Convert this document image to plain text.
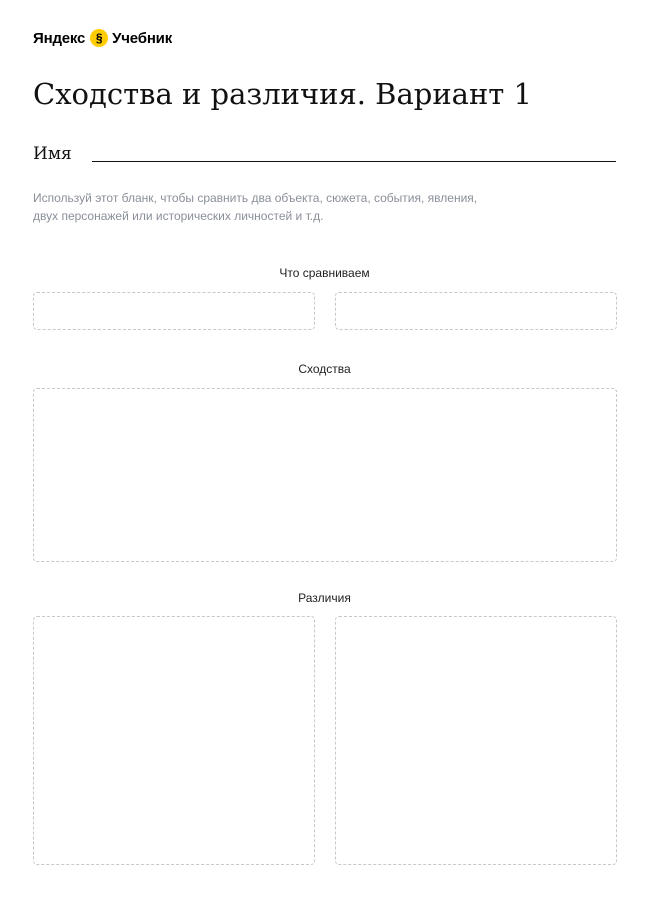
Яндекс § Учебник
Сходства и различия. Вариант 1
Имя

Используй этот бланк, чтобы сравнить два объекта, сюжета, события, явления, двух персонажей или исторических личностей и т.д.

Что сравниваем
Сходства
Различия
